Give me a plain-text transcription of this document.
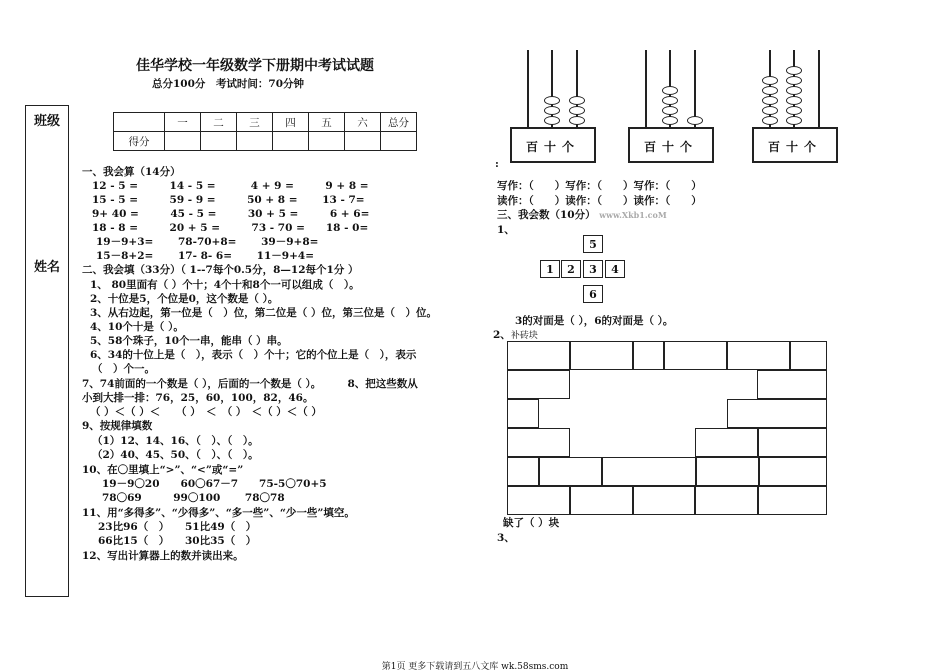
佳华学校一年级数学下册期中考试试题
总分100分　考试时间：70分钟
班级
姓名
	一	二	三	四	五	六	总分
得分							
一、我会算（14分）
12 - 5 =　　　14 - 5 =　　　 4 + 9 =　　　9 + 8 =
15 - 5 =　　　59 - 9 =　　　50 + 8 =　　 13 - 7=
9+ 40 =　　　45 - 5 =　　　30 + 5 =　　　6 + 6=
18 - 8 =　　　20 + 5 =　　　73 - 70 =　　18 - 0=
19－9+3=　　 78-70+8=　　 39－9+8=
15－8+2=　　 17- 8- 6=　　 11－9+4=
二、我会填（33分）（ 1--7每个0.5分，8—12每个1分 ）
1、 80里面有（ ）个十；4个十和8个一可以组成（　）。
2、十位是5，个位是0，这个数是（ ）。
3、从右边起，第一位是（　）位，第二位是（ ）位，第三位是（　）位。
4、10个十是（ ）。
5、58个珠子，10个一串，能串（ ）串。
6、34的十位上是（　），表示（　）个十；它的个位上是（　），表示
（　）个一。
7、74前面的一个数是（ ），后面的一个数是（ ）。　　　8、把这些数从
小到大排一排：76，25，60，100，82，46。
（ ）＜（ ）＜　　（ ）　＜　（ ）　＜（ ）＜（ ）
9、按规律填数
（1）12、14、16、（　）、（　）。
（2）40、45、50、（　）、（　）。
10、在〇里填上“>”、“<”或“=”
19－9〇20　　60〇67－7　　75-5〇70+5
78〇69　　　99〇100　　 78〇78
11、用“多得多”、“少得多”、“多一些”、“少一些”填空。
23比96（　）　　51比49（　）
66比15（　）　　30比35（　）
12、写出计算器上的数并读出来。
百十个	百十个	百十个
:
写作：（　　）写作：（　　）写作：（　　）
读作：（　　）读作：（　　）读作：（　　）
三、我会数（10分） www.Xkb1.coM
1、
5
1	2	3	4
6
3的对面是（ ），6的对面是（ ）。
2、补砖块
缺了（ ）块
3、
第1页 更多下载请到五八文库 wk.58sms.com
